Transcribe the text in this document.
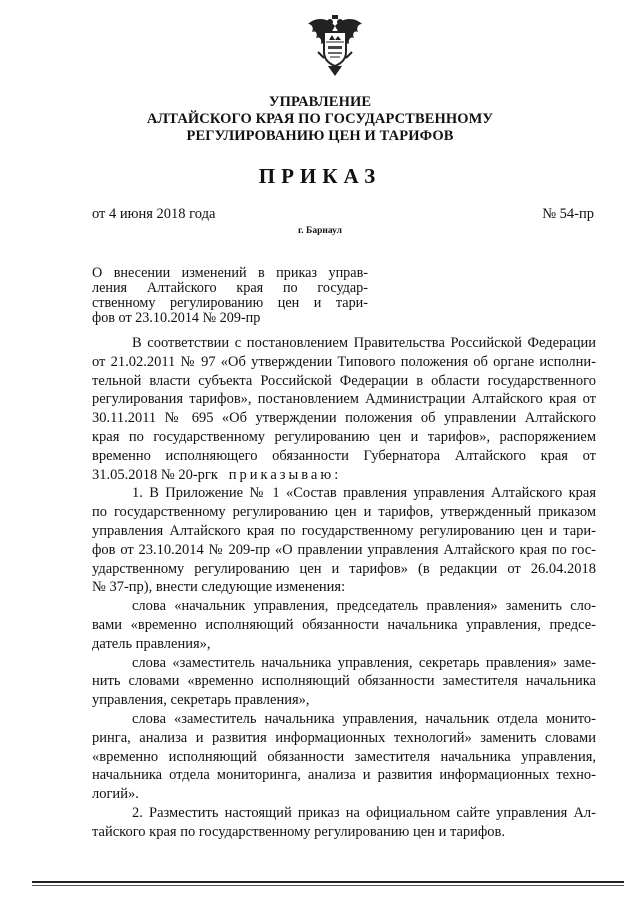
УПРАВЛЕНИЕ
АЛТАЙСКОГО КРАЯ ПО ГОСУДАРСТВЕННОМУ
РЕГУЛИРОВАНИЮ ЦЕН И ТАРИФОВ
ПРИКАЗ
от 4 июня 2018 года	№ 54-пр
г. Барнаул
О внесении изменений в приказ управ-
ления Алтайского края по государ-
ственному регулированию цен и тари-
фов от 23.10.2014 № 209-пр
В соответствии с постановлением Правительства Российской Федерации
от 21.02.2011 № 97 «Об утверждении Типового положения об органе исполни-
тельной власти субъекта Российской Федерации в области государственного
регулирования тарифов», постановлением Администрации Алтайского края от
30.11.2011 № 695 «Об утверждении положения об управлении Алтайского
края по государственному регулированию цен и тарифов», распоряжением
временно исполняющего обязанности Губернатора Алтайского края от
31.05.2018 № 20-ргк приказываю:
1. В Приложение № 1 «Состав правления управления Алтайского края
по государственному регулированию цен и тарифов, утвержденный приказом
управления Алтайского края по государственному регулированию цен и тари-
фов от 23.10.2014 № 209-пр «О правлении управления Алтайского края по гос-
ударственному регулированию цен и тарифов» (в редакции от 26.04.2018
№ 37-пр), внести следующие изменения:
слова «начальник управления, председатель правления» заменить сло-
вами «временно исполняющий обязанности начальника управления, предсе-
датель правления»,
слова «заместитель начальника управления, секретарь правления» заме-
нить словами «временно исполняющий обязанности заместителя начальника
управления, секретарь правления»,
слова «заместитель начальника управления, начальник отдела монито-
ринга, анализа и развития информационных технологий» заменить словами
«временно исполняющий обязанности заместителя начальника управления,
начальника отдела мониторинга, анализа и развития информационных техно-
логий».
2. Разместить настоящий приказ на официальном сайте управления Ал-
тайского края по государственному регулированию цен и тарифов.
